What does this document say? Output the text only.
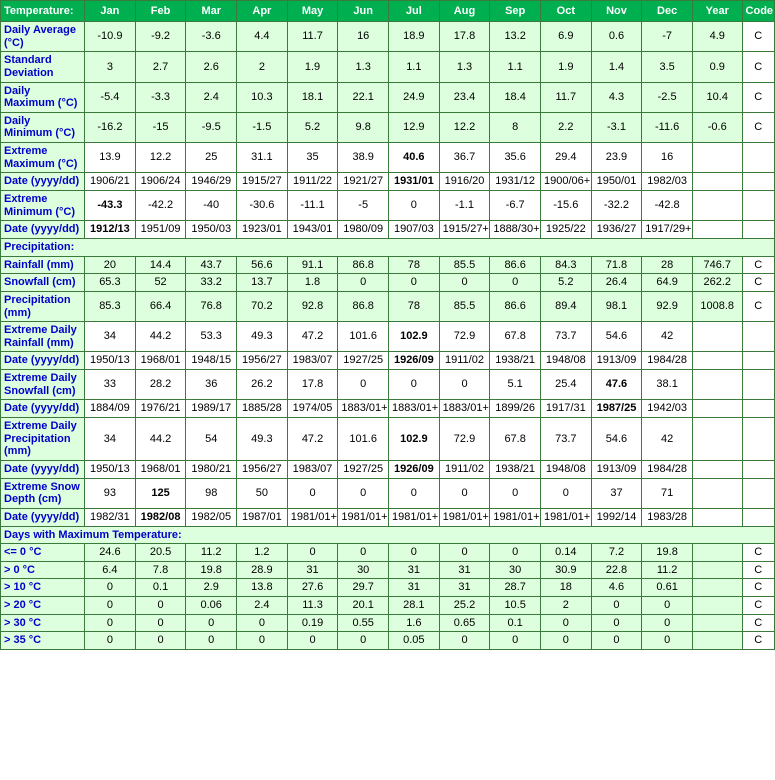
Temperature:	Jan	Feb	Mar	Apr	May	Jun	Jul	Aug	Sep	Oct	Nov	Dec	Year	Code
Daily Average (°C)	-10.9	-9.2	-3.6	4.4	11.7	16	18.9	17.8	13.2	6.9	0.6	-7	4.9	C
Standard Deviation	3	2.7	2.6	2	1.9	1.3	1.1	1.3	1.1	1.9	1.4	3.5	0.9	C
Daily Maximum (°C)	-5.4	-3.3	2.4	10.3	18.1	22.1	24.9	23.4	18.4	11.7	4.3	-2.5	10.4	C
Daily Minimum (°C)	-16.2	-15	-9.5	-1.5	5.2	9.8	12.9	12.2	8	2.2	-3.1	-11.6	-0.6	C
Extreme Maximum (°C)	13.9	12.2	25	31.1	35	38.9	40.6	36.7	35.6	29.4	23.9	16		
Date (yyyy/dd)	1906/21	1906/24	1946/29	1915/27	1911/22	1921/27	1931/01	1916/20	1931/12	1900/06+	1950/01	1982/03		
Extreme Minimum (°C)	-43.3	-42.2	-40	-30.6	-11.1	-5	0	-1.1	-6.7	-15.6	-32.2	-42.8		
Date (yyyy/dd)	1912/13	1951/09	1950/03	1923/01	1943/01	1980/09	1907/03	1915/27+	1888/30+	1925/22	1936/27	1917/29+		
Precipitation:														
Rainfall (mm)	20	14.4	43.7	56.6	91.1	86.8	78	85.5	86.6	84.3	71.8	28	746.7	C
Snowfall (cm)	65.3	52	33.2	13.7	1.8	0	0	0	0	5.2	26.4	64.9	262.2	C
Precipitation (mm)	85.3	66.4	76.8	70.2	92.8	86.8	78	85.5	86.6	89.4	98.1	92.9	1008.8	C
Extreme Daily Rainfall (mm)	34	44.2	53.3	49.3	47.2	101.6	102.9	72.9	67.8	73.7	54.6	42		
Date (yyyy/dd)	1950/13	1968/01	1948/15	1956/27	1983/07	1927/25	1926/09	1911/02	1938/21	1948/08	1913/09	1984/28		
Extreme Daily Snowfall (cm)	33	28.2	36	26.2	17.8	0	0	0	5.1	25.4	47.6	38.1		
Date (yyyy/dd)	1884/09	1976/21	1989/17	1885/28	1974/05	1883/01+	1883/01+	1883/01+	1899/26	1917/31	1987/25	1942/03		
Extreme Daily Precipitation (mm)	34	44.2	54	49.3	47.2	101.6	102.9	72.9	67.8	73.7	54.6	42		
Date (yyyy/dd)	1950/13	1968/01	1980/21	1956/27	1983/07	1927/25	1926/09	1911/02	1938/21	1948/08	1913/09	1984/28		
Extreme Snow Depth (cm)	93	125	98	50	0	0	0	0	0	0	37	71		
Date (yyyy/dd)	1982/31	1982/08	1982/05	1987/01	1981/01+	1981/01+	1981/01+	1981/01+	1981/01+	1981/01+	1992/14	1983/28		
Days with Maximum Temperature:														
<= 0 °C	24.6	20.5	11.2	1.2	0	0	0	0	0	0.14	7.2	19.8		C
> 0 °C	6.4	7.8	19.8	28.9	31	30	31	31	30	30.9	22.8	11.2		C
> 10 °C	0	0.1	2.9	13.8	27.6	29.7	31	31	28.7	18	4.6	0.61		C
> 20 °C	0	0	0.06	2.4	11.3	20.1	28.1	25.2	10.5	2	0	0		C
> 30 °C	0	0	0	0	0.19	0.55	1.6	0.65	0.1	0	0	0		C
> 35 °C	0	0	0	0	0	0	0.05	0	0	0	0	0		C
